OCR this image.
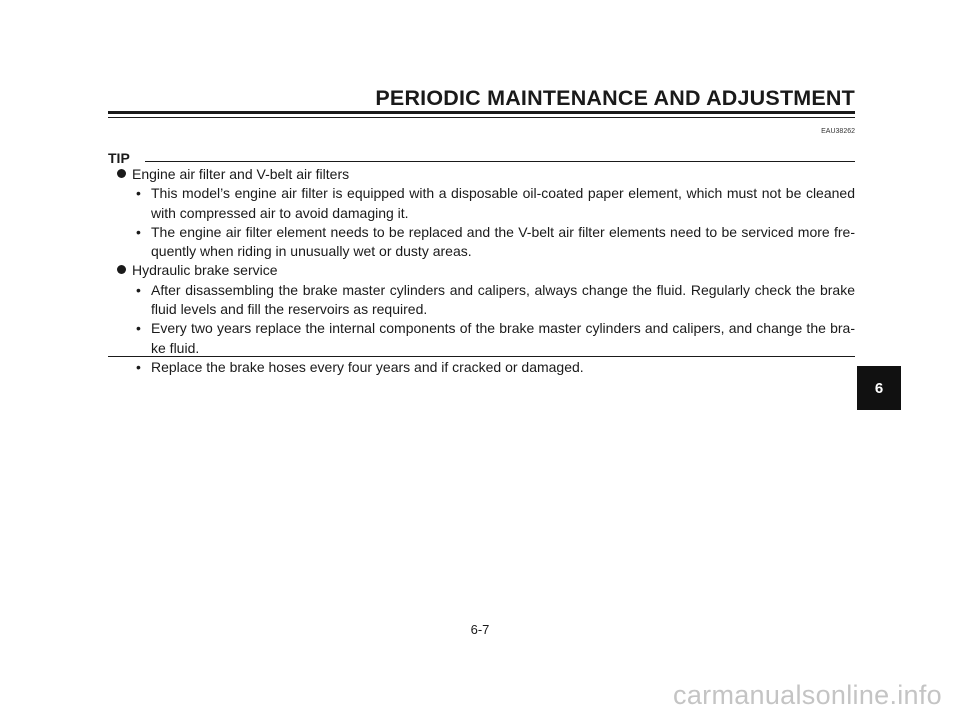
PERIODIC MAINTENANCE AND ADJUSTMENT
EAU38262
TIP
Engine air filter and V-belt air filters
• This model’s engine air filter is equipped with a disposable oil-coated paper element, which must not be cleaned with compressed air to avoid damaging it.
• The engine air filter element needs to be replaced and the V-belt air filter elements need to be serviced more fre-quently when riding in unusually wet or dusty areas.
Hydraulic brake service
• After disassembling the brake master cylinders and calipers, always change the fluid. Regularly check the brake fluid levels and fill the reservoirs as required.
• Every two years replace the internal components of the brake master cylinders and calipers, and change the bra-ke fluid.
• Replace the brake hoses every four years and if cracked or damaged.
6-7
6
carmanualsonline.info
